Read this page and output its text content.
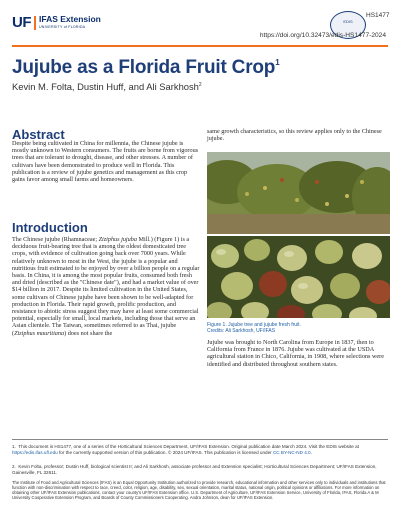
UF IFAS Extension
UNIVERSITY of FLORIDA
EDIS
HS1477
https://doi.org/10.32473/edis-HS1477-2024
Jujube as a Florida Fruit Crop$^1$
Kevin M. Folta, Dustin Huff, and Ali Sarkhosh$^2$
Abstract

Despite being cultivated in China for millennia, the Chinese jujube is mostly unknown to Western consumers. The fruits are borne from vigorous trees that are tolerant to drought, disease, and other stresses. A number of cultivars have been demonstrated to produce well in Florida. This publication is a review of jujube genetics and management as this crop gains favor among small farms and homeowners.

Introduction

The Chinese jujube (Rhamnaceae; Ziziphus jujuba Mill.) (Figure 1) is a deciduous fruit-bearing tree that is among the oldest domesticated tree crops, with evidence of cultivation going back over 7000 years. While relatively unknown to most in the West, the jujube is a popular and nutritious fruit estimated to be enjoyed by over a billion people on a regular basis. In China, it is among the most popular fruits, consumed both fresh and dried (described as the "Chinese date"), and had a market value of over $14 billion in 2017. Despite its limited cultivation in the United States, some cultivars of Chinese jujube have been shown to be well-adapted for production in Florida. Their rapid growth, prolific production, and resistance to abiotic stress suggest they may have at least some commercial potential, especially for small, local markets, including those that serve an Asian clientele. The Taiwan, sometimes referred to as Thai, jujube (Ziziphus mauritiana) does not share the

same growth characteristics, so this review applies only to the Chinese jujube.

Figure 1. Jujube tree and jujube fresh fruit.
Credits: Ali Sarkhosh, UF/IFAS

Jujube was brought to North Carolina from Europe in 1837, then to California from France in 1876. Jujube was cultivated at the USDA agricultural station in Chico, California, in 1908, where selections were identified and distributed throughout southern states.

1. This document is HS1477, one of a series of the Horticultural Sciences Department, UF/IFAS Extension. Original publication date March 2024. Visit the EDIS website at https://edis.ifas.ufl.edu for the currently supported version of this publication. © 2024 UF/IFAS. This publication is licensed under CC BY-NC-ND 4.0.

2. Kevin Folta, professor; Dustin Huff, biological scientist II; and Ali Sarkhosh, associate professor and Extension specialist; Horticultural Sciences Department; UF/IFAS Extension, Gainesville, FL 32611.

The Institute of Food and Agricultural Sciences (IFAS) is an Equal Opportunity Institution authorized to provide research, educational information and other services only to individuals and institutions that function with non-discrimination with respect to race, creed, color, religion, age, disability, sex, sexual orientation, marital status, national origin, political opinions or affiliations. For more information on obtaining other UF/IFAS Extension publications, contact your county's UF/IFAS Extension office. U.S. Department of Agriculture, UF/IFAS Extension Service, University of Florida, IFAS, Florida A & M University Cooperative Extension Program, and Boards of County Commissioners Cooperating. Andra Johnson, dean for UF/IFAS Extension.
